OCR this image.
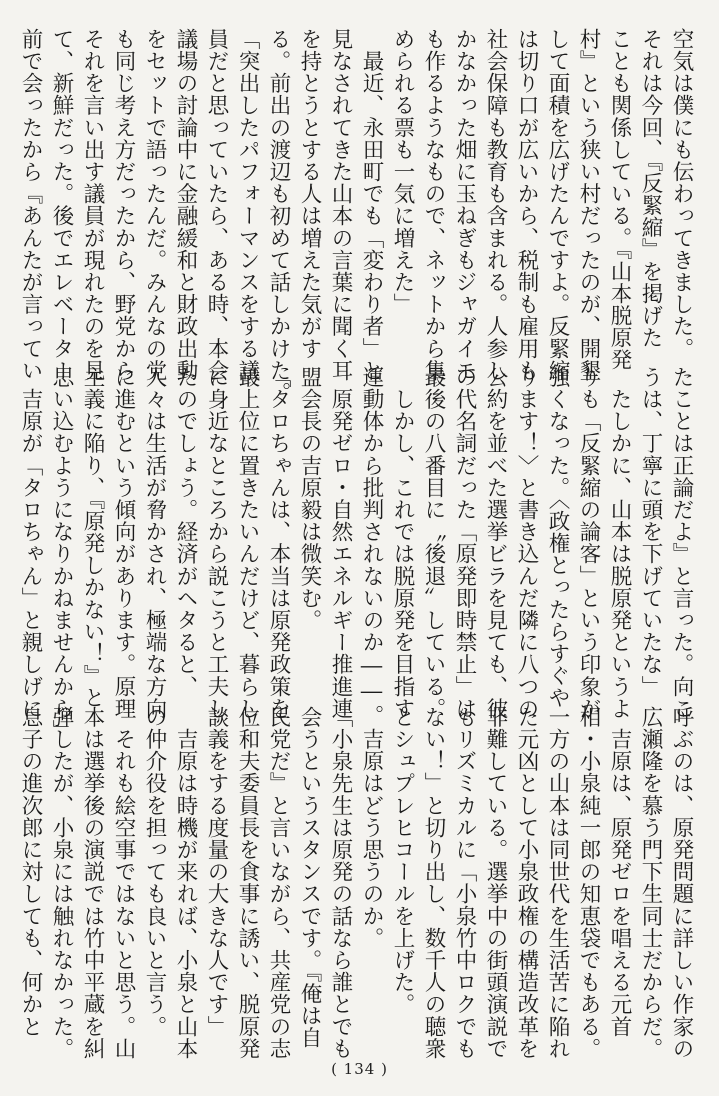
空気は僕にも伝わってきました。

それは今回、『反緊縮』を掲げた

ことも関係している。『山本脱原発

村』という狭い村だったのが、開墾

して面積を広げたんですよ。反緊縮

は切り口が広いから、税制も雇用も

社会保障も教育も含まれる。人参し

かなかった畑に玉ねぎもジャガイモ

も作るようなもので、ネットから集

められる票も一気に増えた」

　最近、永田町でも「変わり者」と

見なされてきた山本の言葉に聞く耳

を持とうとする人は増えた気がす

る。前出の渡辺も初めて話しかけた。

「突出したパフォーマンスをする議

員だと思っていたら、ある時、本会

議場の討論中に金融緩和と財政出動

をセットで語ったんだ。みんなの党

も同じ考え方だったから、野党から

それを言い出す議員が現れたのを見

て、新鮮だった。後でエレベーター

前で会ったから『あんたが言ってい

たことは正論だよ』と言った。向こ

うは、丁寧に頭を下げていたな」

　たしかに、山本は脱原発というよ

りも「反緊縮の論客」という印象が

強くなった。〈政権とったらすぐや

ります！〉と書き込んだ隣に八つの

公約を並べた選挙ビラを見ても、彼

の代名詞だった「原発即時禁止」は

最後の八番目に〝後退〟している。

　しかし、これでは脱原発を目指す

運動体から批判されないのか――。

　原発ゼロ・自然エネルギー推進連

盟会長の吉原毅は微笑む。

「タロちゃんは、本当は原発政策を

最上位に置きたいんだけど、暮らし

に身近なところから説こうと工夫し

たのでしょう。経済がヘタると、

人々は生活が脅かされ、極端な方向

に進むという傾向があります。原理

主義に陥り、『原発しかない！』と

思い込むようになりかねませんから」

　吉原が「タロちゃん」と親しげに

呼ぶのは、原発問題に詳しい作家の

広瀬隆を慕う門下生同士だからだ。

　吉原は、原発ゼロを唱える元首

相・小泉純一郎の知恵袋でもある。

一方の山本は同世代を生活苦に陥れ

た元凶として小泉政権の構造改革を

非難している。選挙中の街頭演説で

もリズミカルに「小泉竹中ロクでも

ない！」と切り出し、数千人の聴衆

とシュプレヒコールを上げた。

　吉原はどう思うのか。

「小泉先生は原発の話なら誰とでも

会うというスタンスです。『俺は自

民党だ』と言いながら、共産党の志

位和夫委員長を食事に誘い、脱原発

談義をする度量の大きな人です」

　吉原は時機が来れば、小泉と山本

の仲介役を担っても良いと言う。

　それも絵空事ではないと思う。山

本は選挙後の演説では竹中平蔵を糾

弾したが、小泉には触れなかった。

息子の進次郎に対しても、何かと

( 134 )
